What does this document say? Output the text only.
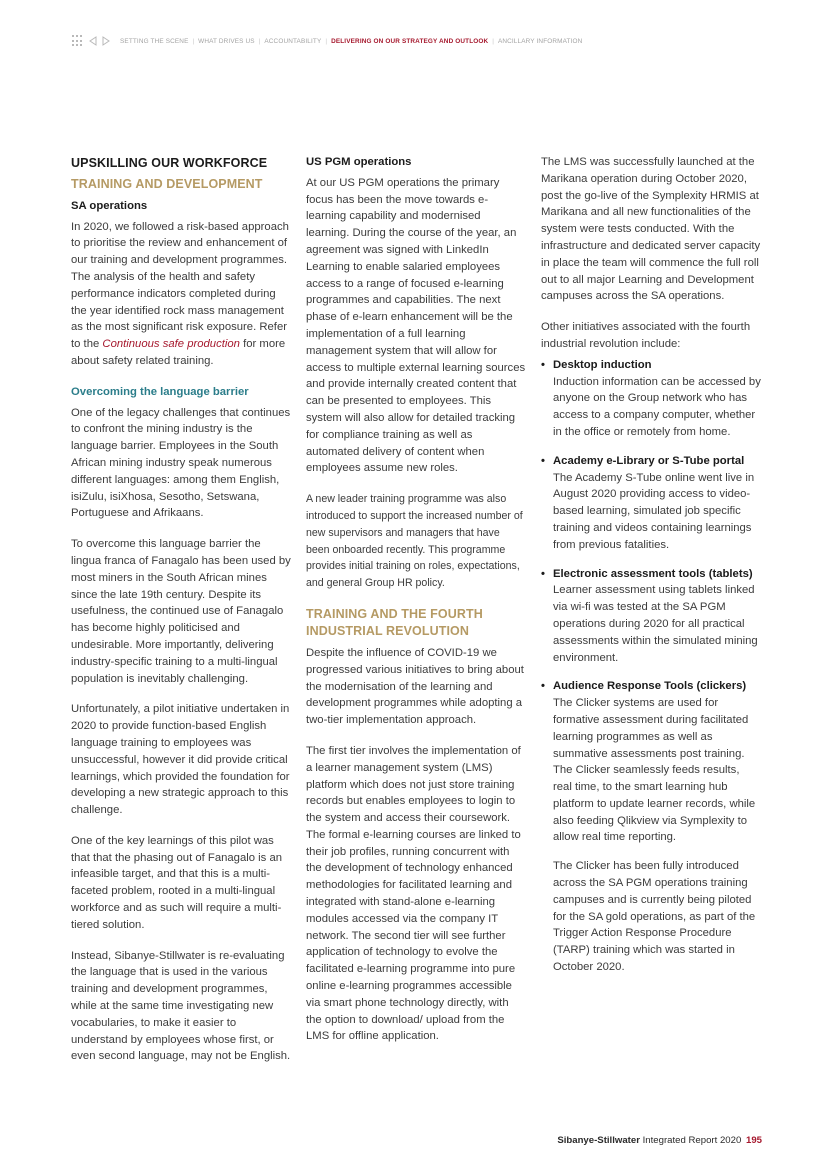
SETTING THE SCENE | WHAT DRIVES US | ACCOUNTABILITY | DELIVERING ON OUR STRATEGY AND OUTLOOK | ANCILLARY INFORMATION
UPSKILLING OUR WORKFORCE
TRAINING AND DEVELOPMENT
SA operations

In 2020, we followed a risk-based approach to prioritise the review and enhancement of our training and development programmes. The analysis of the health and safety performance indicators completed during the year identified rock mass management as the most significant risk exposure. Refer to the Continuous safe production for more about safety related training.

Overcoming the language barrier

One of the legacy challenges that continues to confront the mining industry is the language barrier. Employees in the South African mining industry speak numerous different languages: among them English, isiZulu, isiXhosa, Sesotho, Setswana, Portuguese and Afrikaans.

To overcome this language barrier the lingua franca of Fanagalo has been used by most miners in the South African mines since the late 19th century. Despite its usefulness, the continued use of Fanagalo has become highly politicised and undesirable. More importantly, delivering industry-specific training to a multi-lingual population is inevitably challenging.

Unfortunately, a pilot initiative undertaken in 2020 to provide function-based English language training to employees was unsuccessful, however it did provide critical learnings, which provided the foundation for developing a new strategic approach to this challenge.

One of the key learnings of this pilot was that that the phasing out of Fanagalo is an infeasible target, and that this is a multi-faceted problem, rooted in a multi-lingual workforce and as such will require a multi-tiered solution.

Instead, Sibanye-Stillwater is re-evaluating the language that is used in the various training and development programmes, while at the same time investigating new vocabularies, to make it easier to understand by employees whose first, or even second language, may not be English.

US PGM operations

At our US PGM operations the primary focus has been the move towards e-learning capability and modernised learning. During the course of the year, an agreement was signed with LinkedIn Learning to enable salaried employees access to a range of focused e-learning programmes and capabilities. The next phase of e-learn enhancement will be the implementation of a full learning management system that will allow for access to multiple external learning sources and provide internally created content that can be presented to employees. This system will also allow for detailed tracking for compliance training as well as automated delivery of content when employees assume new roles.

A new leader training programme was also introduced to support the increased number of new supervisors and managers that have been onboarded recently. This programme provides initial training on roles, expectations, and general Group HR policy.

TRAINING AND THE FOURTH INDUSTRIAL REVOLUTION

Despite the influence of COVID-19 we progressed various initiatives to bring about the modernisation of the learning and development programmes while adopting a two-tier implementation approach.

The first tier involves the implementation of a learner management system (LMS) platform which does not just store training records but enables employees to login to the system and access their coursework. The formal e-learning courses are linked to their job profiles, running concurrent with the development of technology enhanced methodologies for facilitated learning and integrated with stand-alone e-learning modules accessed via the company IT network. The second tier will see further application of technology to evolve the facilitated e-learning programme into pure online e-learning programmes accessible via smart phone technology directly, with the option to download/ upload from the LMS for offline application.

The LMS was successfully launched at the Marikana operation during October 2020, post the go-live of the Symplexity HRMIS at Marikana and all new functionalities of the system were tests conducted. With the infrastructure and dedicated server capacity in place the team will commence the full roll out to all major Learning and Development campuses across the SA operations.

Other initiatives associated with the fourth industrial revolution include:

• Desktop induction
Induction information can be accessed by anyone on the Group network who has access to a company computer, whether in the office or remotely from home.
• Academy e-Library or S-Tube portal
The Academy S-Tube online went live in August 2020 providing access to video-based learning, simulated job specific training and videos containing learnings from previous fatalities.
• Electronic assessment tools (tablets)
Learner assessment using tablets linked via wi-fi was tested at the SA PGM operations during 2020 for all practical assessments within the simulated mining environment.
• Audience Response Tools (clickers)
The Clicker systems are used for formative assessment during facilitated learning programmes as well as summative assessments post training. The Clicker seamlessly feeds results, real time, to the smart learning hub platform to update learner records, while also feeding Qlikview via Symplexity to allow real time reporting.

The Clicker has been fully introduced across the SA PGM operations training campuses and is currently being piloted for the SA gold operations, as part of the Trigger Action Response Procedure (TARP) training which was started in October 2020.

Sibanye-Stillwater Integrated Report 2020 195
